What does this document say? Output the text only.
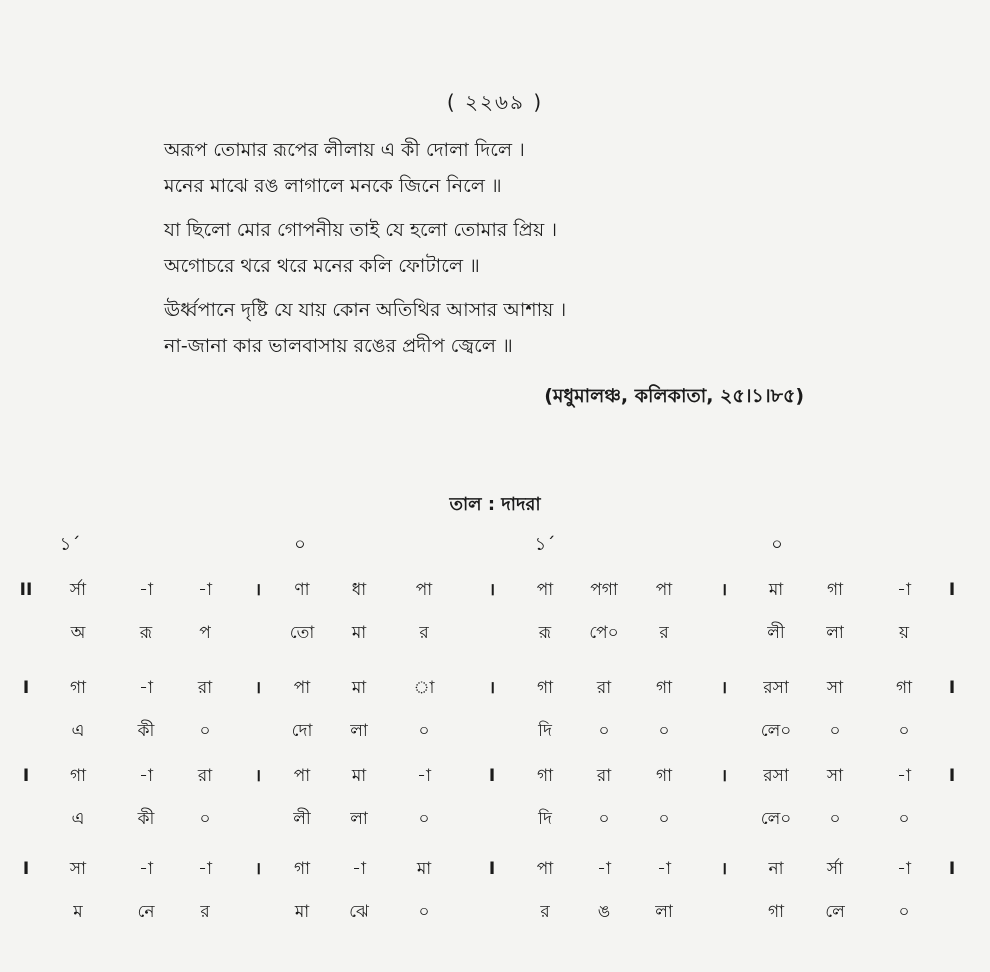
( ২২৬৯ )
অরূপ তোমার রূপের লীলায় এ কী দোলা দিলে ।
মনের মাঝে রঙ লাগালে মনকে জিনে নিলে ॥
যা ছিলো মোর গোপনীয় তাই যে হলো তোমার প্রিয় ।
অগোচরে থরে থরে মনের কলি ফোটালে ॥
ঊর্ধ্বপানে দৃষ্টি যে যায় কোন অতিথির আসার আশায় ।
না-জানা কার ভালবাসায় রঙের প্রদীপ জ্বেলে ॥
(মধুমালঞ্চ, কলিকাতা, ২৫।১।৮৫)
তাল : দাদরা
১´	০	১´	০
II	র্সা	-া	-া	।	ণা	ধা	পা	।	পা	পগা	পা	।	মা	গা	-া	I
অ	রূ	প	তো	মা	র	রূ	পে০	র	লী	লা	য়
I	গা	-া	রা	।	পা	মা	া	।	গা	রা	গা	।	রসা	সা	গা	I
এ	কী	০	দো	লা	০	দি	০	০	লে০	০	০
I	গা	-া	রা	।	পা	মা	-া	I	গা	রা	গা	।	রসা	সা	-া	I
এ	কী	০	লী	লা	০	দি	০	০	লে০	০	০
I	সা	-া	-া	।	গা	-া	মা	I	পা	-া	-া	।	না	র্সা	-া	I
ম	নে	র	মা	ঝে	০	র	ঙ	লা	গা	লে	০
